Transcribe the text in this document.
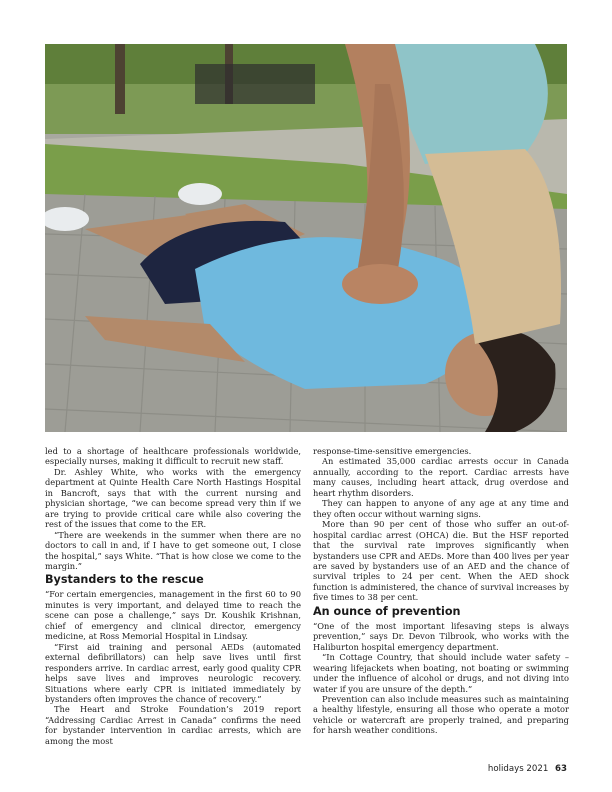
led to a shortage of healthcare professionals worldwide, especially nurses, making it difficult to recruit new staff.

Dr. Ashley White, who works with the emergency department at Quinte Health Care North Hastings Hospital in Bancroft, says that with the current nursing and physician shortage, “we can become spread very thin if we are trying to provide critical care while also covering the rest of the issues that come to the ER.

“There are weekends in the summer when there are no doctors to call in and, if I have to get someone out, I close the hospital,” says White. “That is how close we come to the margin.”

Bystanders to the rescue

“For certain emergencies, management in the first 60 to 90 minutes is very important, and delayed time to reach the scene can pose a challenge,” says Dr. Koushik Krishnan, chief of emergency and clinical director, emergency medicine, at Ross Memorial Hospital in Lindsay.

“First aid training and personal AEDs (automated external defibrillators) can help save lives until first responders arrive. In cardiac arrest, early good quality CPR helps save lives and improves neurologic recovery. Situations where early CPR is initiated immediately by bystanders often improves the chance of recovery.”

The Heart and Stroke Foundation’s 2019 report “Addressing Cardiac Arrest in Canada” confirms the need for bystander intervention in cardiac arrests, which are among the most

response-time-sensitive emergencies.

An estimated 35,000 cardiac arrests occur in Canada annually, according to the report. Cardiac arrests have many causes, including heart attack, drug overdose and heart rhythm disorders.

They can happen to anyone of any age at any time and they often occur without warning signs.

More than 90 per cent of those who suffer an out-of-hospital cardiac arrest (OHCA) die. But the HSF reported that the survival rate improves significantly when bystanders use CPR and AEDs. More than 400 lives per year are saved by bystanders use of an AED and the chance of survival triples to 24 per cent. When the AED shock function is administered, the chance of survival increases by five times to 38 per cent.

An ounce of prevention

“One of the most important lifesaving steps is always prevention,” says Dr. Devon Tilbrook, who works with the Haliburton hospital emergency department.

“In Cottage Country, that should include water safety – wearing lifejackets when boating, not boating or swimming under the influence of alcohol or drugs, and not diving into water if you are unsure of the depth.”

Prevention can also include measures such as maintaining a healthy lifestyle, ensuring all those who operate a motor vehicle or watercraft are properly trained, and preparing for harsh weather conditions.

holidays 2021 63
